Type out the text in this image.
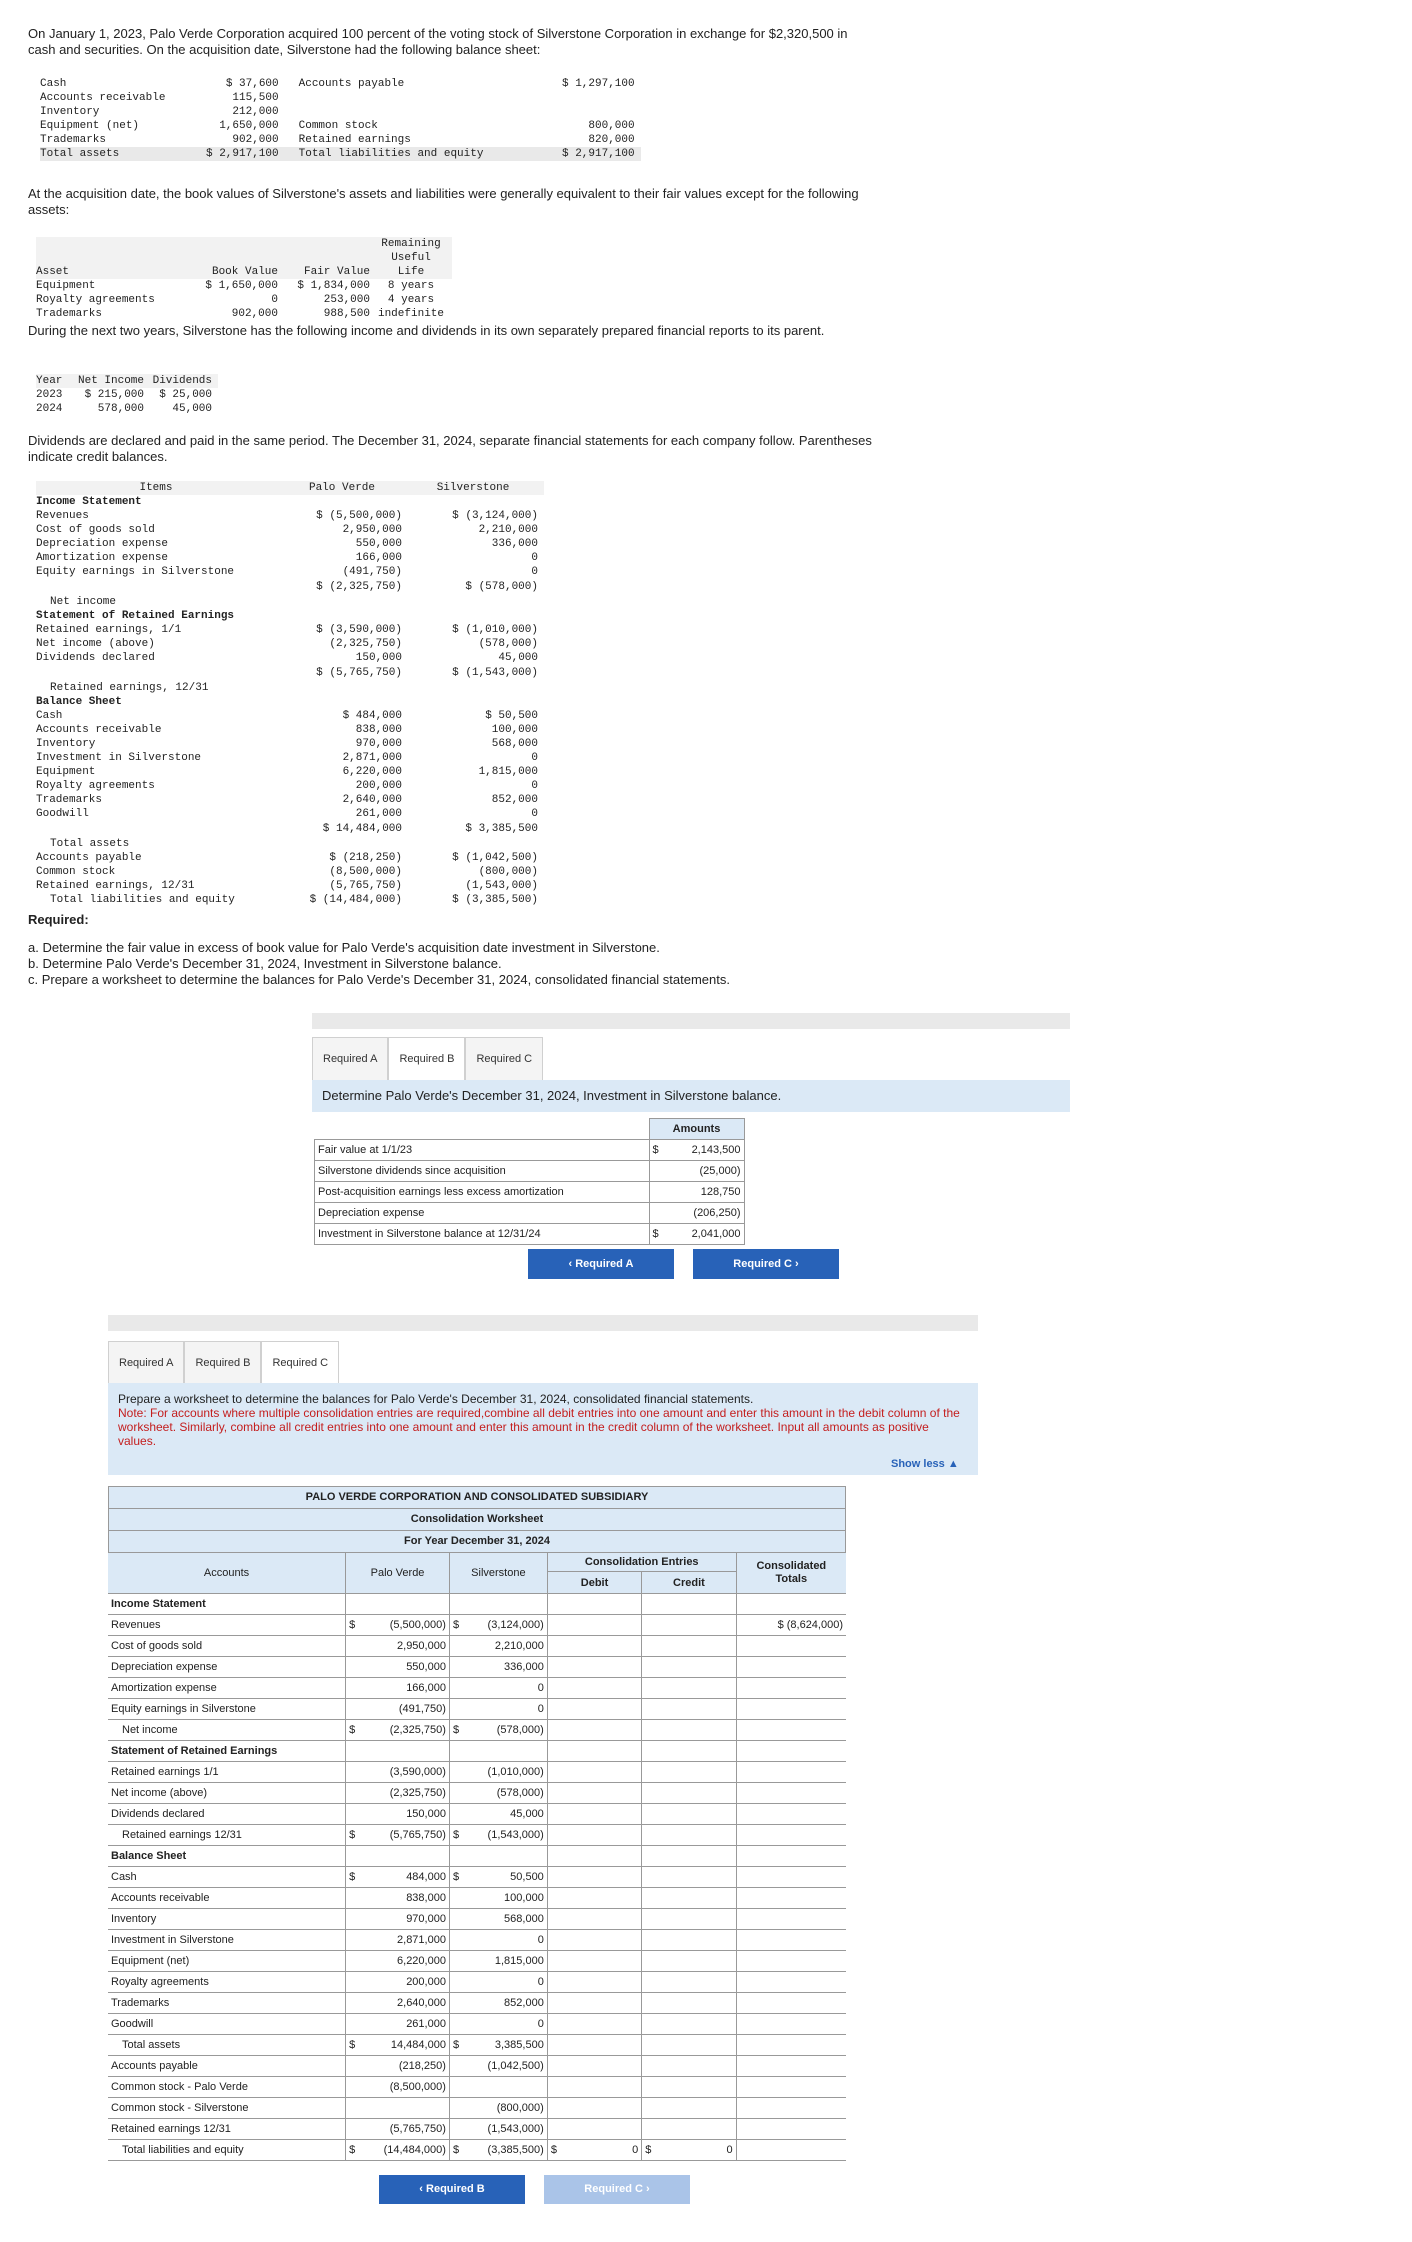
On January 1, 2023, Palo Verde Corporation acquired 100 percent of the voting stock of Silverstone Corporation in exchange for $2,320,500 in cash and securities. On the acquisition date, Silverstone had the following balance sheet:

Cash	$ 37,600	Accounts payable	$ 1,297,100
Accounts receivable	115,500		
Inventory	212,000		
Equipment (net)	1,650,000	Common stock	800,000
Trademarks	902,000	Retained earnings	820,000
Total assets	$ 2,917,100	Total liabilities and equity	$ 2,917,100

At the acquisition date, the book values of Silverstone's assets and liabilities were generally equivalent to their fair values except for the following assets:

Asset	Book Value	Fair Value	Remaining Useful Life
Equipment	$ 1,650,000	$ 1,834,000	8 years
Royalty agreements	0	253,000	4 years
Trademarks	902,000	988,500	indefinite

During the next two years, Silverstone has the following income and dividends in its own separately prepared financial reports to its parent.

Year	Net Income	Dividends
2023	$ 215,000	$ 25,000
2024	578,000	45,000

Dividends are declared and paid in the same period. The December 31, 2024, separate financial statements for each company follow. Parentheses indicate credit balances.

Items	Palo Verde	Silverstone
Income Statement		
Revenues	$ (5,500,000)	$ (3,124,000)
Cost of goods sold	2,950,000	2,210,000
Depreciation expense	550,000	336,000
Amortization expense	166,000	0
Equity earnings in Silverstone	(491,750)	0
	$ (2,325,750)	$ (578,000)
Net income		
Statement of Retained Earnings		
Retained earnings, 1/1	$ (3,590,000)	$ (1,010,000)
Net income (above)	(2,325,750)	(578,000)
Dividends declared	150,000	45,000
	$ (5,765,750)	$ (1,543,000)
Retained earnings, 12/31		
Balance Sheet		
Cash	$ 484,000	$ 50,500
Accounts receivable	838,000	100,000
Inventory	970,000	568,000
Investment in Silverstone	2,871,000	0
Equipment	6,220,000	1,815,000
Royalty agreements	200,000	0
Trademarks	2,640,000	852,000
Goodwill	261,000	0
	$ 14,484,000	$ 3,385,500
Total assets		
Accounts payable	$ (218,250)	$ (1,042,500)
Common stock	(8,500,000)	(800,000)
Retained earnings, 12/31	(5,765,750)	(1,543,000)
Total liabilities and equity	$ (14,484,000)	$ (3,385,500)

Required:

a. Determine the fair value in excess of book value for Palo Verde's acquisition date investment in Silverstone.

b. Determine Palo Verde's December 31, 2024, Investment in Silverstone balance.

c. Prepare a worksheet to determine the balances for Palo Verde's December 31, 2024, consolidated financial statements.

Required A	Required B	Required C
Determine Palo Verde's December 31, 2024, Investment in Silverstone balance.
	Amounts	
Fair value at 1/1/23	$	2,143,500
Silverstone dividends since acquisition		(25,000)
Post-acquisition earnings less excess amortization		128,750
Depreciation expense		(206,250)
Investment in Silverstone balance at 12/31/24	$	2,041,000
‹ Required A	Required C ›
Required A	Required B	Required C
Prepare a worksheet to determine the balances for Palo Verde's December 31, 2024, consolidated financial statements.
Note: For accounts where multiple consolidation entries are required,combine all debit entries into one amount and enter this amount in the debit column of the worksheet. Similarly, combine all credit entries into one amount and enter this amount in the credit column of the worksheet. Input all amounts as positive values.
Show less ▲
PALO VERDE CORPORATION AND CONSOLIDATED SUBSIDIARY
Consolidation Worksheet
For Year December 31, 2024
Accounts	Palo Verde		Silverstone		Consolidation Entries				Consolidated Totals
					Debit		Credit		
Income Statement									
Revenues	$	(5,500,000)	$	(3,124,000)					$ (8,624,000)
Cost of goods sold		2,950,000		2,210,000					
Depreciation expense		550,000		336,000					
Amortization expense		166,000		0					
Equity earnings in Silverstone		(491,750)		0					
Net income	$	(2,325,750)	$	(578,000)					
Statement of Retained Earnings									
Retained earnings 1/1		(3,590,000)		(1,010,000)					
Net income (above)		(2,325,750)		(578,000)					
Dividends declared		150,000		45,000					
Retained earnings 12/31	$	(5,765,750)	$	(1,543,000)					
Balance Sheet									
Cash	$	484,000	$	50,500					
Accounts receivable		838,000		100,000					
Inventory		970,000		568,000					
Investment in Silverstone		2,871,000		0					
Equipment (net)		6,220,000		1,815,000					
Royalty agreements		200,000		0					
Trademarks		2,640,000		852,000					
Goodwill		261,000		0					
Total assets	$	14,484,000	$	3,385,500					
Accounts payable		(218,250)		(1,042,500)					
Common stock - Palo Verde		(8,500,000)							
Common stock - Silverstone				(800,000)					
Retained earnings 12/31		(5,765,750)		(1,543,000)					
Total liabilities and equity	$	(14,484,000)	$	(3,385,500)	$	0	$	0	
‹ Required B	Required C ›
